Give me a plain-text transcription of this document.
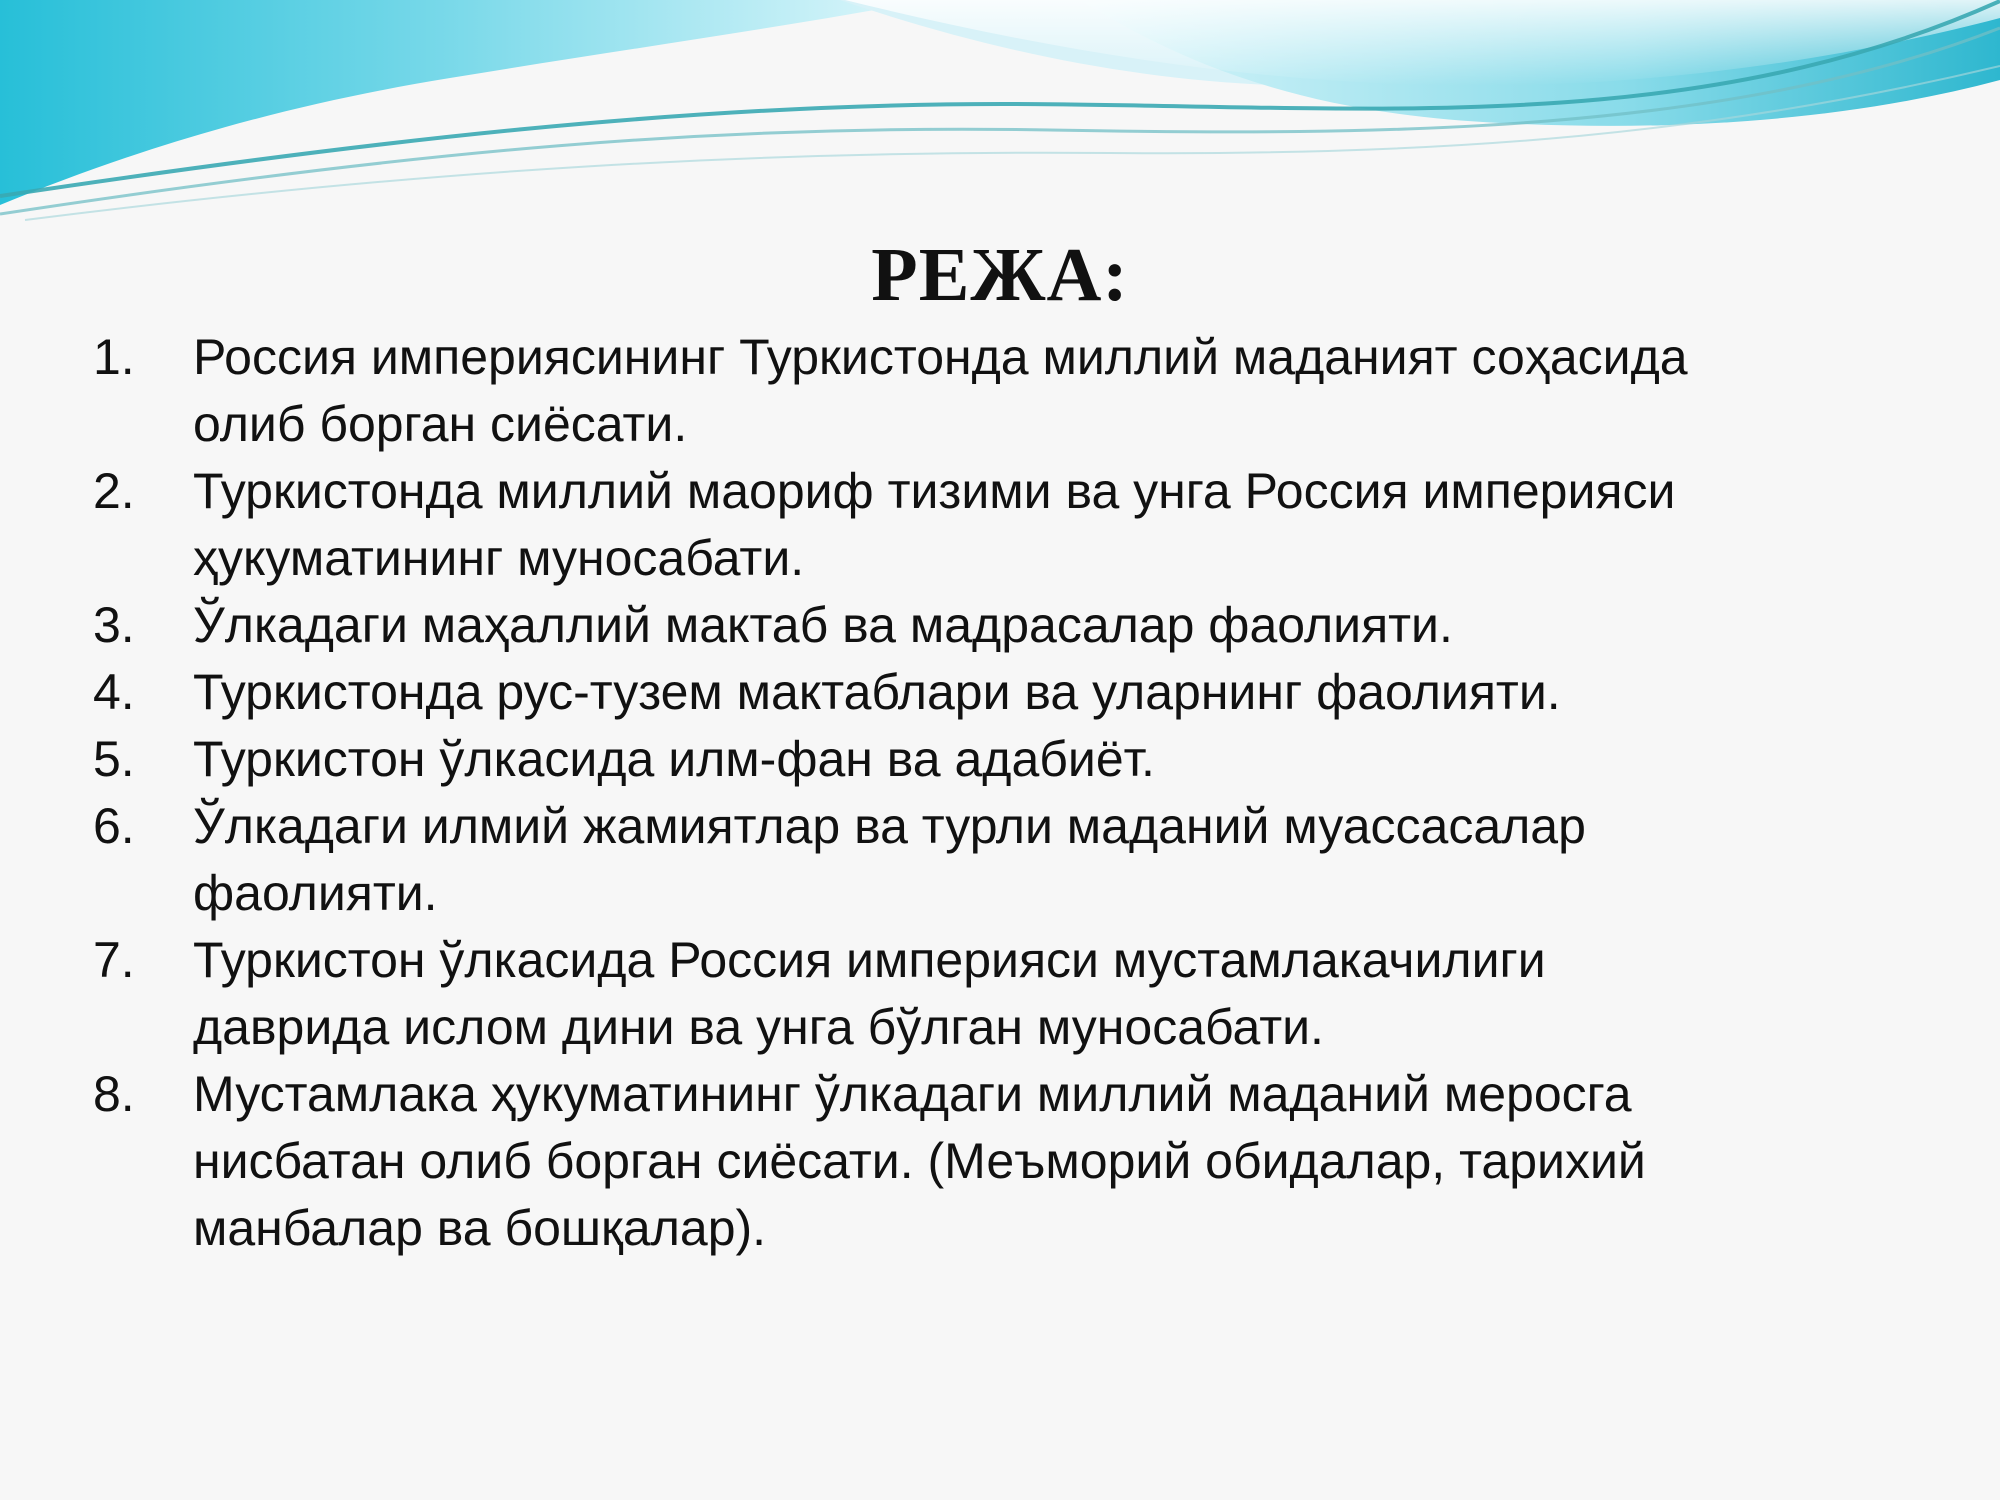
РЕЖА:
1.	Россия империясининг Туркистонда миллий маданият соҳасида
олиб борган сиёсати.
2.	Туркистонда миллий маориф тизими ва унга Россия империяси
ҳукуматининг муносабати.
3.	Ўлкадаги маҳаллий мактаб ва мадрасалар фаолияти.
4.	Туркистонда рус-тузем мактаблари ва уларнинг фаолияти.
5.	Туркистон ўлкасида илм-фан ва адабиёт.
6.	Ўлкадаги илмий жамиятлар ва турли маданий муассасалар
фаолияти.
7.	Туркистон ўлкасида Россия империяси мустамлакачилиги
даврида ислом дини ва унга бўлган муносабати.
8.	Мустамлака ҳукуматининг ўлкадаги миллий маданий меросга
нисбатан олиб борган сиёсати. (Меъморий обидалар, тарихий
манбалар ва бошқалар).
